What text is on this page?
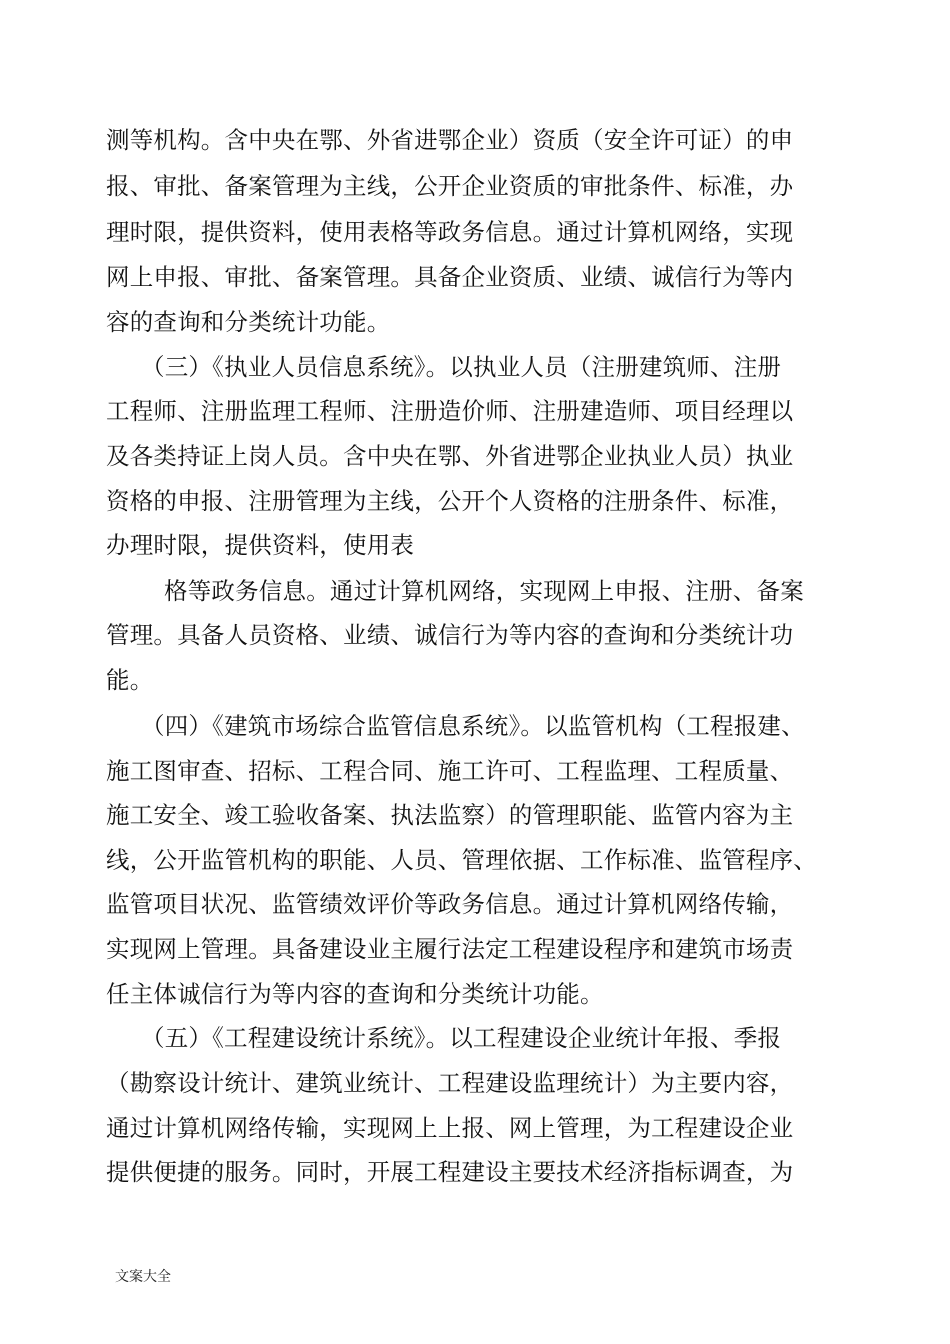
测等机构。含中央在鄂、外省进鄂企业）资质（安全许可证）的申
报、审批、备案管理为主线，公开企业资质的审批条件、标准，办
理时限，提供资料，使用表格等政务信息。通过计算机网络，实现
网上申报、审批、备案管理。具备企业资质、业绩、诚信行为等内
容的查询和分类统计功能。
（三）《执业人员信息系统》。以执业人员（注册建筑师、注册
工程师、注册监理工程师、注册造价师、注册建造师、项目经理以
及各类持证上岗人员。含中央在鄂、外省进鄂企业执业人员）执业
资格的申报、注册管理为主线，公开个人资格的注册条件、标准，
办理时限，提供资料，使用表
格等政务信息。通过计算机网络，实现网上申报、注册、备案
管理。具备人员资格、业绩、诚信行为等内容的查询和分类统计功
能。
（四）《建筑市场综合监管信息系统》。以监管机构（工程报建、
施工图审查、招标、工程合同、施工许可、工程监理、工程质量、
施工安全、竣工验收备案、执法监察）的管理职能、监管内容为主
线，公开监管机构的职能、人员、管理依据、工作标准、监管程序、
监管项目状况、监管绩效评价等政务信息。通过计算机网络传输，
实现网上管理。具备建设业主履行法定工程建设程序和建筑市场责
任主体诚信行为等内容的查询和分类统计功能。
（五）《工程建设统计系统》。以工程建设企业统计年报、季报
（勘察设计统计、建筑业统计、工程建设监理统计）为主要内容，
通过计算机网络传输，实现网上上报、网上管理，为工程建设企业
提供便捷的服务。同时，开展工程建设主要技术经济指标调查，为
文案大全
